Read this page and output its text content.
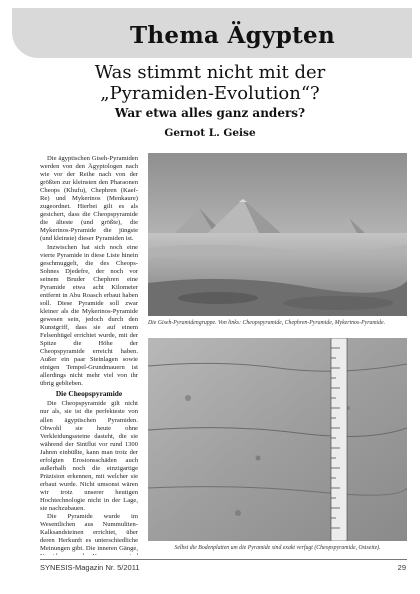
Thema Ägypten
Was stimmt nicht mit der
„Pyramiden-Evolution“?
War etwa alles ganz anders?
Gernot L. Geise

Die ägyptischen Giseh-Pyramiden werden von den Ägyptologen nach wie vor der Reihe nach von der größten zur kleinsten den Pharaonen Cheops (Khufu), Chephren (Kaef-Re) und Mykerinos (Menkaure) zugeordnet. Hierbei gilt es als gesichert, dass die Cheopspyramide die älteste (und größte), die Mykerinos-Pyramide die jüngste (und kleinste) dieser Pyramiden ist.

Inzwischen hat sich noch eine vierte Pyramide in diese Liste hinein geschmuggelt, die des Cheops-Sohnes Djedefre, der noch vor seinem Bruder Chephren eine Pyramide etwa acht Kilometer entfernt in Abu Roasch erbaut haben soll. Diese Pyramide soll zwar kleiner als die Mykerinos-Pyramide gewesen sein, jedoch durch den Kunstgriff, dass sie auf einem Felsenhügel errichtet wurde, mit der Spitze die Höhe der Cheopspyramide erreicht haben. Außer ein paar Steinlagen sowie einigen Tempel-Grundmauern ist allerdings nicht mehr viel von ihr übrig geblieben.

Die Cheopspyramide

Die Cheopspyramide gilt nicht nur als, sie ist die perfekteste von allen ägyptischen Pyramiden. Obwohl sie heute ohne Verkleidungssteine dasteht, die sie während der Sintflut vor rund 1300 Jahren einbüßte, kann man trotz der erfolgten Erosionsschäden auch außerhalb noch die einzigartige Präzision erkennen, mit welcher sie erbaut wurde. Nicht umsonst wären wir trotz unserer heutigen Hochtechnologie nicht in der Lage, sie nachzubauen.

Die Pyramide wurde im Wesentlichen aus Nummuliten-Kalksandsteinen errichtet, über deren Herkunft es unterschiedliche Meinungen gibt. Die inneren Gänge,

Die Giseh-Pyramidengruppe. Von links: Cheopspyramide, Chephren-Pyramide, Mykerinos-Pyramide.
Selbst die Bodenplatten um die Pyramide sind exakt verfugt (Cheopspyramide, Ostseite).
SYNESIS-Magazin Nr. 5/2011	29
